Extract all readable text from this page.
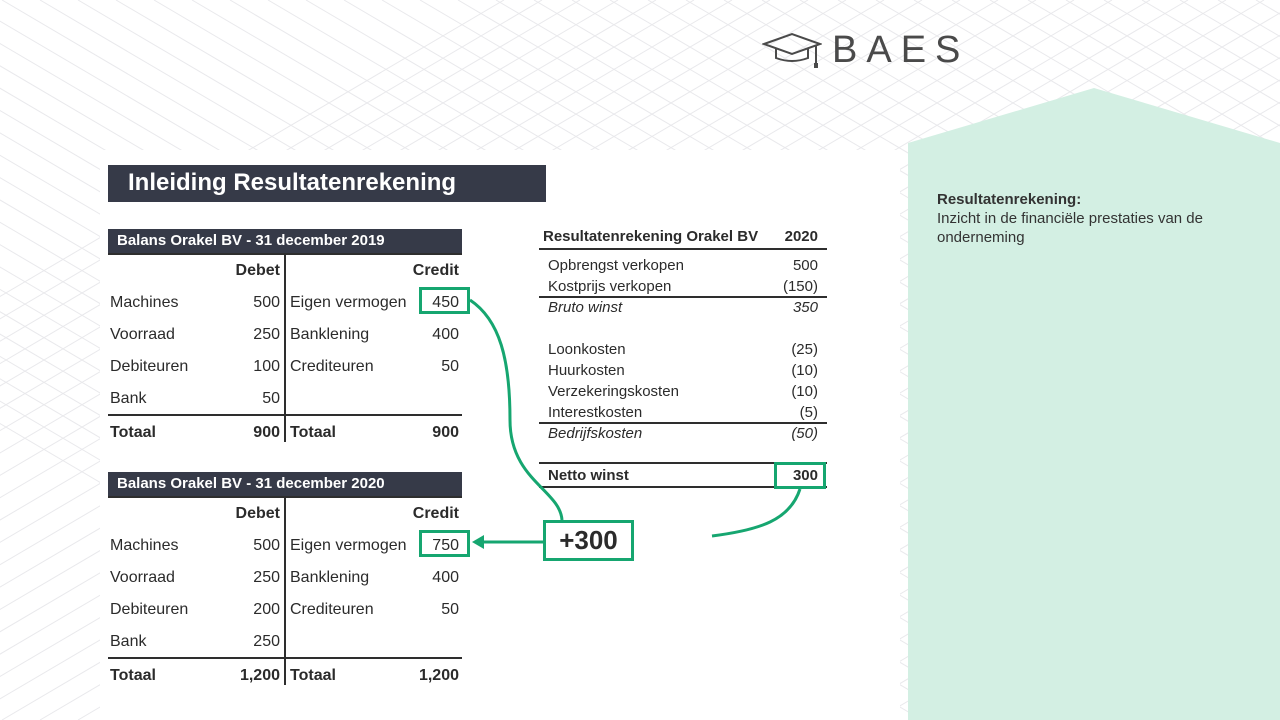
BAES
Resultatenrekening:
Inzicht in de financiële prestaties van de onderneming
Inleiding Resultatenrekening
Balans Orakel BV - 31 december 2019
Debet	Credit
Machines	500 Eigen vermogen 450
Voorraad	250 Banklening	400
Debiteuren	100 Crediteuren	50
Bank	50
Totaal	900 Totaal	900
Balans Orakel BV - 31 december 2020
Debet	Credit
Machines	500 Eigen vermogen 750
Voorraad	250 Banklening	400
Debiteuren	200 Crediteuren	50
Bank	250
Totaal	1,200 Totaal	1,200
Resultatenrekening Orakel BV 2020
Opbrengst verkopen	500
Kostprijs verkopen	(150)
Bruto winst	350
Loonkosten	(25)
Huurkosten	(10)
Verzekeringskosten	(10)
Interestkosten	(5)
Bedrijfskosten	(50)
Netto winst	300
+300
